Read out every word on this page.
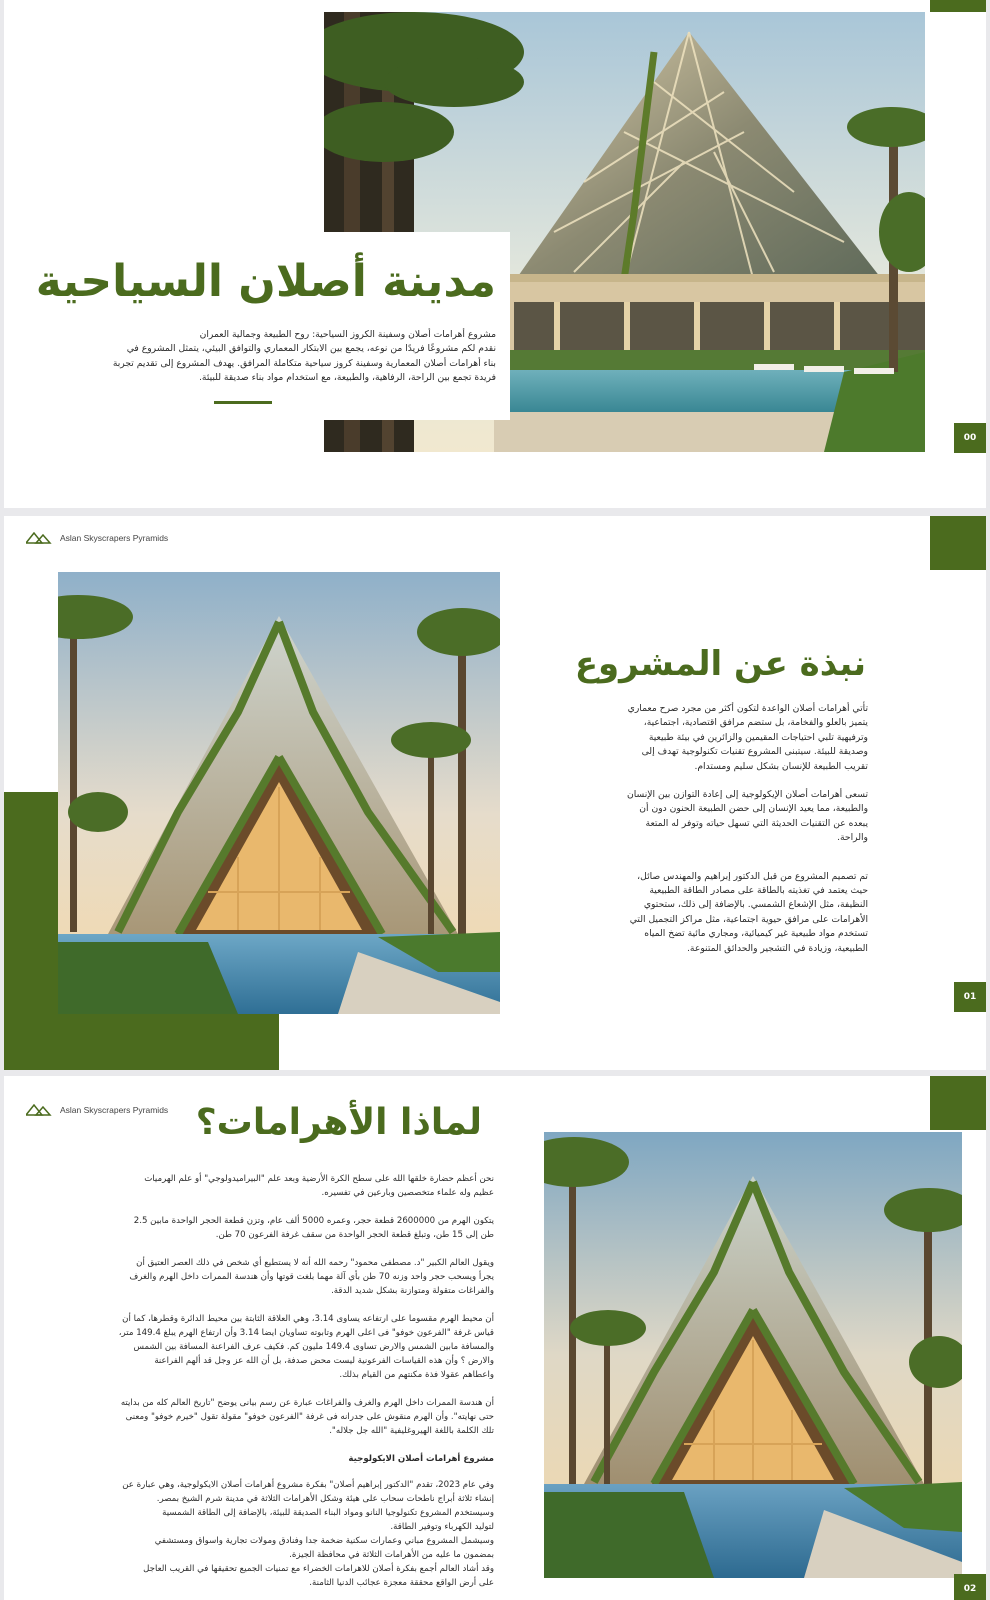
مدينة أصلان السياحية
مشروع أهرامات أصلان وسفينة الكروز السياحية: روح الطبيعة وجمالية العمران
نقدم لكم مشروعًا فريدًا من نوعه، يجمع بين الابتكار المعماري والتوافق البيئي، يتمثل المشروع في
بناء أهرامات أصلان المعمارية وسفينة كروز سياحية متكاملة المرافق. يهدف المشروع إلى تقديم تجربة
فريدة تجمع بين الراحة، الرفاهية، والطبيعة، مع استخدام مواد بناء صديقة للبيئة.
00
Aslan Skyscrapers Pyramids
نبذة عن المشروع
تأتي أهرامات أصلان الواعدة لتكون أكثر من مجرد صرح معماري
يتميز بالعلو والفخامة، بل ستضم مرافق اقتصادية، اجتماعية،
وترفيهية تلبي احتياجات المقيمين والزائرين في بيئة طبيعية
وصديقة للبيئة. سيتبنى المشروع تقنيات تكنولوجية تهدف إلى
تقريب الطبيعة للإنسان بشكل سليم ومستدام.
تسعى أهرامات أصلان الإيكولوجية إلى إعادة التوازن بين الإنسان
والطبيعة، مما يعيد الإنسان إلى حضن الطبيعة الحنون دون أن
يبعده عن التقنيات الحديثة التي تسهل حياته وتوفر له المتعة
والراحة.
تم تصميم المشروع من قبل الدكتور إبراهيم والمهندس صائل،
حيث يعتمد في تغذيته بالطاقة على مصادر الطاقة الطبيعية
النظيفة، مثل الإشعاع الشمسي. بالإضافة إلى ذلك، ستحتوي
الأهرامات على مرافق حيوية اجتماعية، مثل مراكز التجميل التي
تستخدم مواد طبيعية غير كيميائية، ومجاري مائية تضخ المياه
الطبيعية، وزيادة في التشجير والحدائق المتنوعة.
01
Aslan Skyscrapers Pyramids لماذا الأهرامات؟
نحن أعظم حضارة خلقها الله على سطح الكرة الأرضية وبعد علم "البيراميدولوجي" أو علم الهرميات
عظيم وله علماء متخصصين وبارعين في تفسيره.
يتكون الهرم من 2600000 قطعة حجر، وعمره 5000 ألف عام، وتزن قطعة الحجر الواحدة مابين 2.5
طن إلى 15 طن، وتبلغ قطعة الحجر الواحدة من سقف غرفة الفرعون 70 طن.
ويقول العالم الكبير "د. مصطفى محمود" رحمه الله أنه لا يستطيع أي شخص في ذلك العصر العتيق أن
يجرأ ويسحب حجر واحد وزنه 70 طن بأي آلة مهما بلغت قوتها وأن هندسة الممرات داخل الهرم والغرف
والفراغات متقولة ومتوازنة بشكل شديد الدقة.
أن محيط الهرم مقسوما على ارتفاعه يساوى 3.14، وهي العلاقة الثابتة بين محيط الدائرة وقطرها، كما أن
قياس غرفة "الفرعون خوفو" فى اعلى الهرم وتابوته تساويان ايضا 3.14 وأن ارتفاع الهرم يبلغ 149.4 متر،
والمسافة مابين الشمس والارض تساوى 149.4 مليون كم. فكيف عرف الفراعنة المسافة بين الشمس
والارض ؟ وأن هذه القياسات الفرعونية ليست محض صدفة، بل أن الله عز وجل قد ألهم الفراعنة
واعطاهم عقولا فذة مكنتهم من القيام بذلك.
أن هندسة الممرات داخل الهرم والغرف والفراغات عبارة عن رسم بيانى يوضح "تاريخ العالم كله من بدايته
حتى نهايته". وأن الهرم منقوش على جدرانه فى غرفة "الفرعون خوفو" مقولة تقول "خيرم خوفو" ومعنى
تلك الكلمة باللغة الهيروغليفية "الله جل جلاله".
مشروع أهرامات أصلان الايكولوجية
وفي عام 2023، تقدم "الدكتور إبراهيم أصلان" بفكرة مشروع أهرامات أصلان الايكولوجية، وهي عبارة عن
إنشاء ثلاثة أبراج ناطحات سحاب على هيئة وشكل الأهرامات الثلاثة في مدينة شرم الشيخ بمصر.
وسيستخدم المشروع تكنولوجيا النانو ومواد البناء الصديقة للبيئة، بالإضافة إلى الطاقة الشمسية
لتوليد الكهرباء وتوفير الطاقة.
وسيشمل المشروع مباني وعمارات سكنية ضخمة جدا وفنادق ومولات تجارية واسواق ومستشفي
بمضمون ما عليه من الأهرامات الثلاثة في محافظة الجيزة.
وقد أشاد العالم أجمع بفكرة أصلان للاهرامات الخضراء مع تمنيات الجميع تحقيقها في القريب العاجل
على أرض الواقع محققة معجزة عجائب الدنيا الثامنة.
02
